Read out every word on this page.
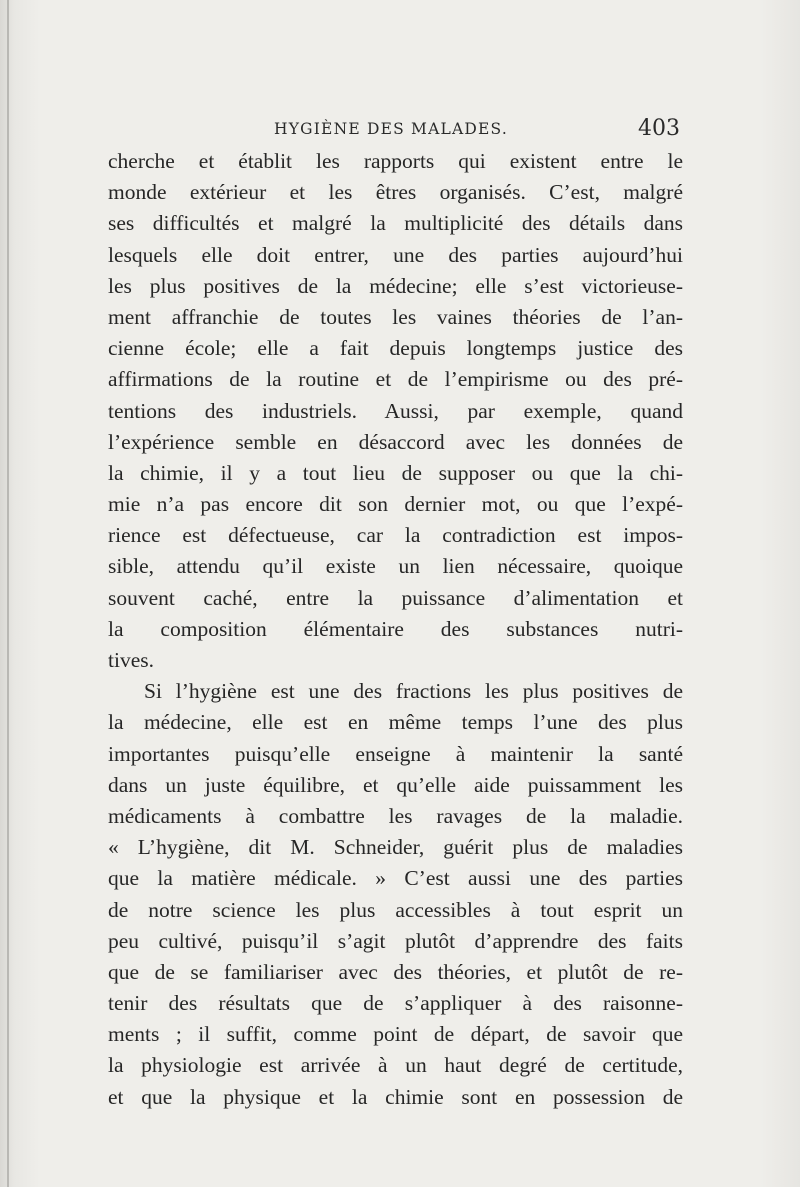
HYGIÈNE DES MALADES.	403
cherche et établit les rapports qui existent entre le
monde extérieur et les êtres organisés. C’est, malgré
ses difficultés et malgré la multiplicité des détails dans
lesquels elle doit entrer, une des parties aujourd’hui
les plus positives de la médecine; elle s’est victorieuse-
ment affranchie de toutes les vaines théories de l’an-
cienne école; elle a fait depuis longtemps justice des
affirmations de la routine et de l’empirisme ou des pré-
tentions des industriels. Aussi, par exemple, quand
l’expérience semble en désaccord avec les données de
la chimie, il y a tout lieu de supposer ou que la chi-
mie n’a pas encore dit son dernier mot, ou que l’expé-
rience est défectueuse, car la contradiction est impos-
sible, attendu qu’il existe un lien nécessaire, quoique
souvent caché, entre la puissance d’alimentation et
la composition élémentaire des substances nutri-
tives.
Si l’hygiène est une des fractions les plus positives de
la médecine, elle est en même temps l’une des plus
importantes puisqu’elle enseigne à maintenir la santé
dans un juste équilibre, et qu’elle aide puissamment les
médicaments à combattre les ravages de la maladie.
« L’hygiène, dit M. Schneider, guérit plus de maladies
que la matière médicale. » C’est aussi une des parties
de notre science les plus accessibles à tout esprit un
peu cultivé, puisqu’il s’agit plutôt d’apprendre des faits
que de se familiariser avec des théories, et plutôt de re-
tenir des résultats que de s’appliquer à des raisonne-
ments ; il suffit, comme point de départ, de savoir que
la physiologie est arrivée à un haut degré de certitude,
et que la physique et la chimie sont en possession de
